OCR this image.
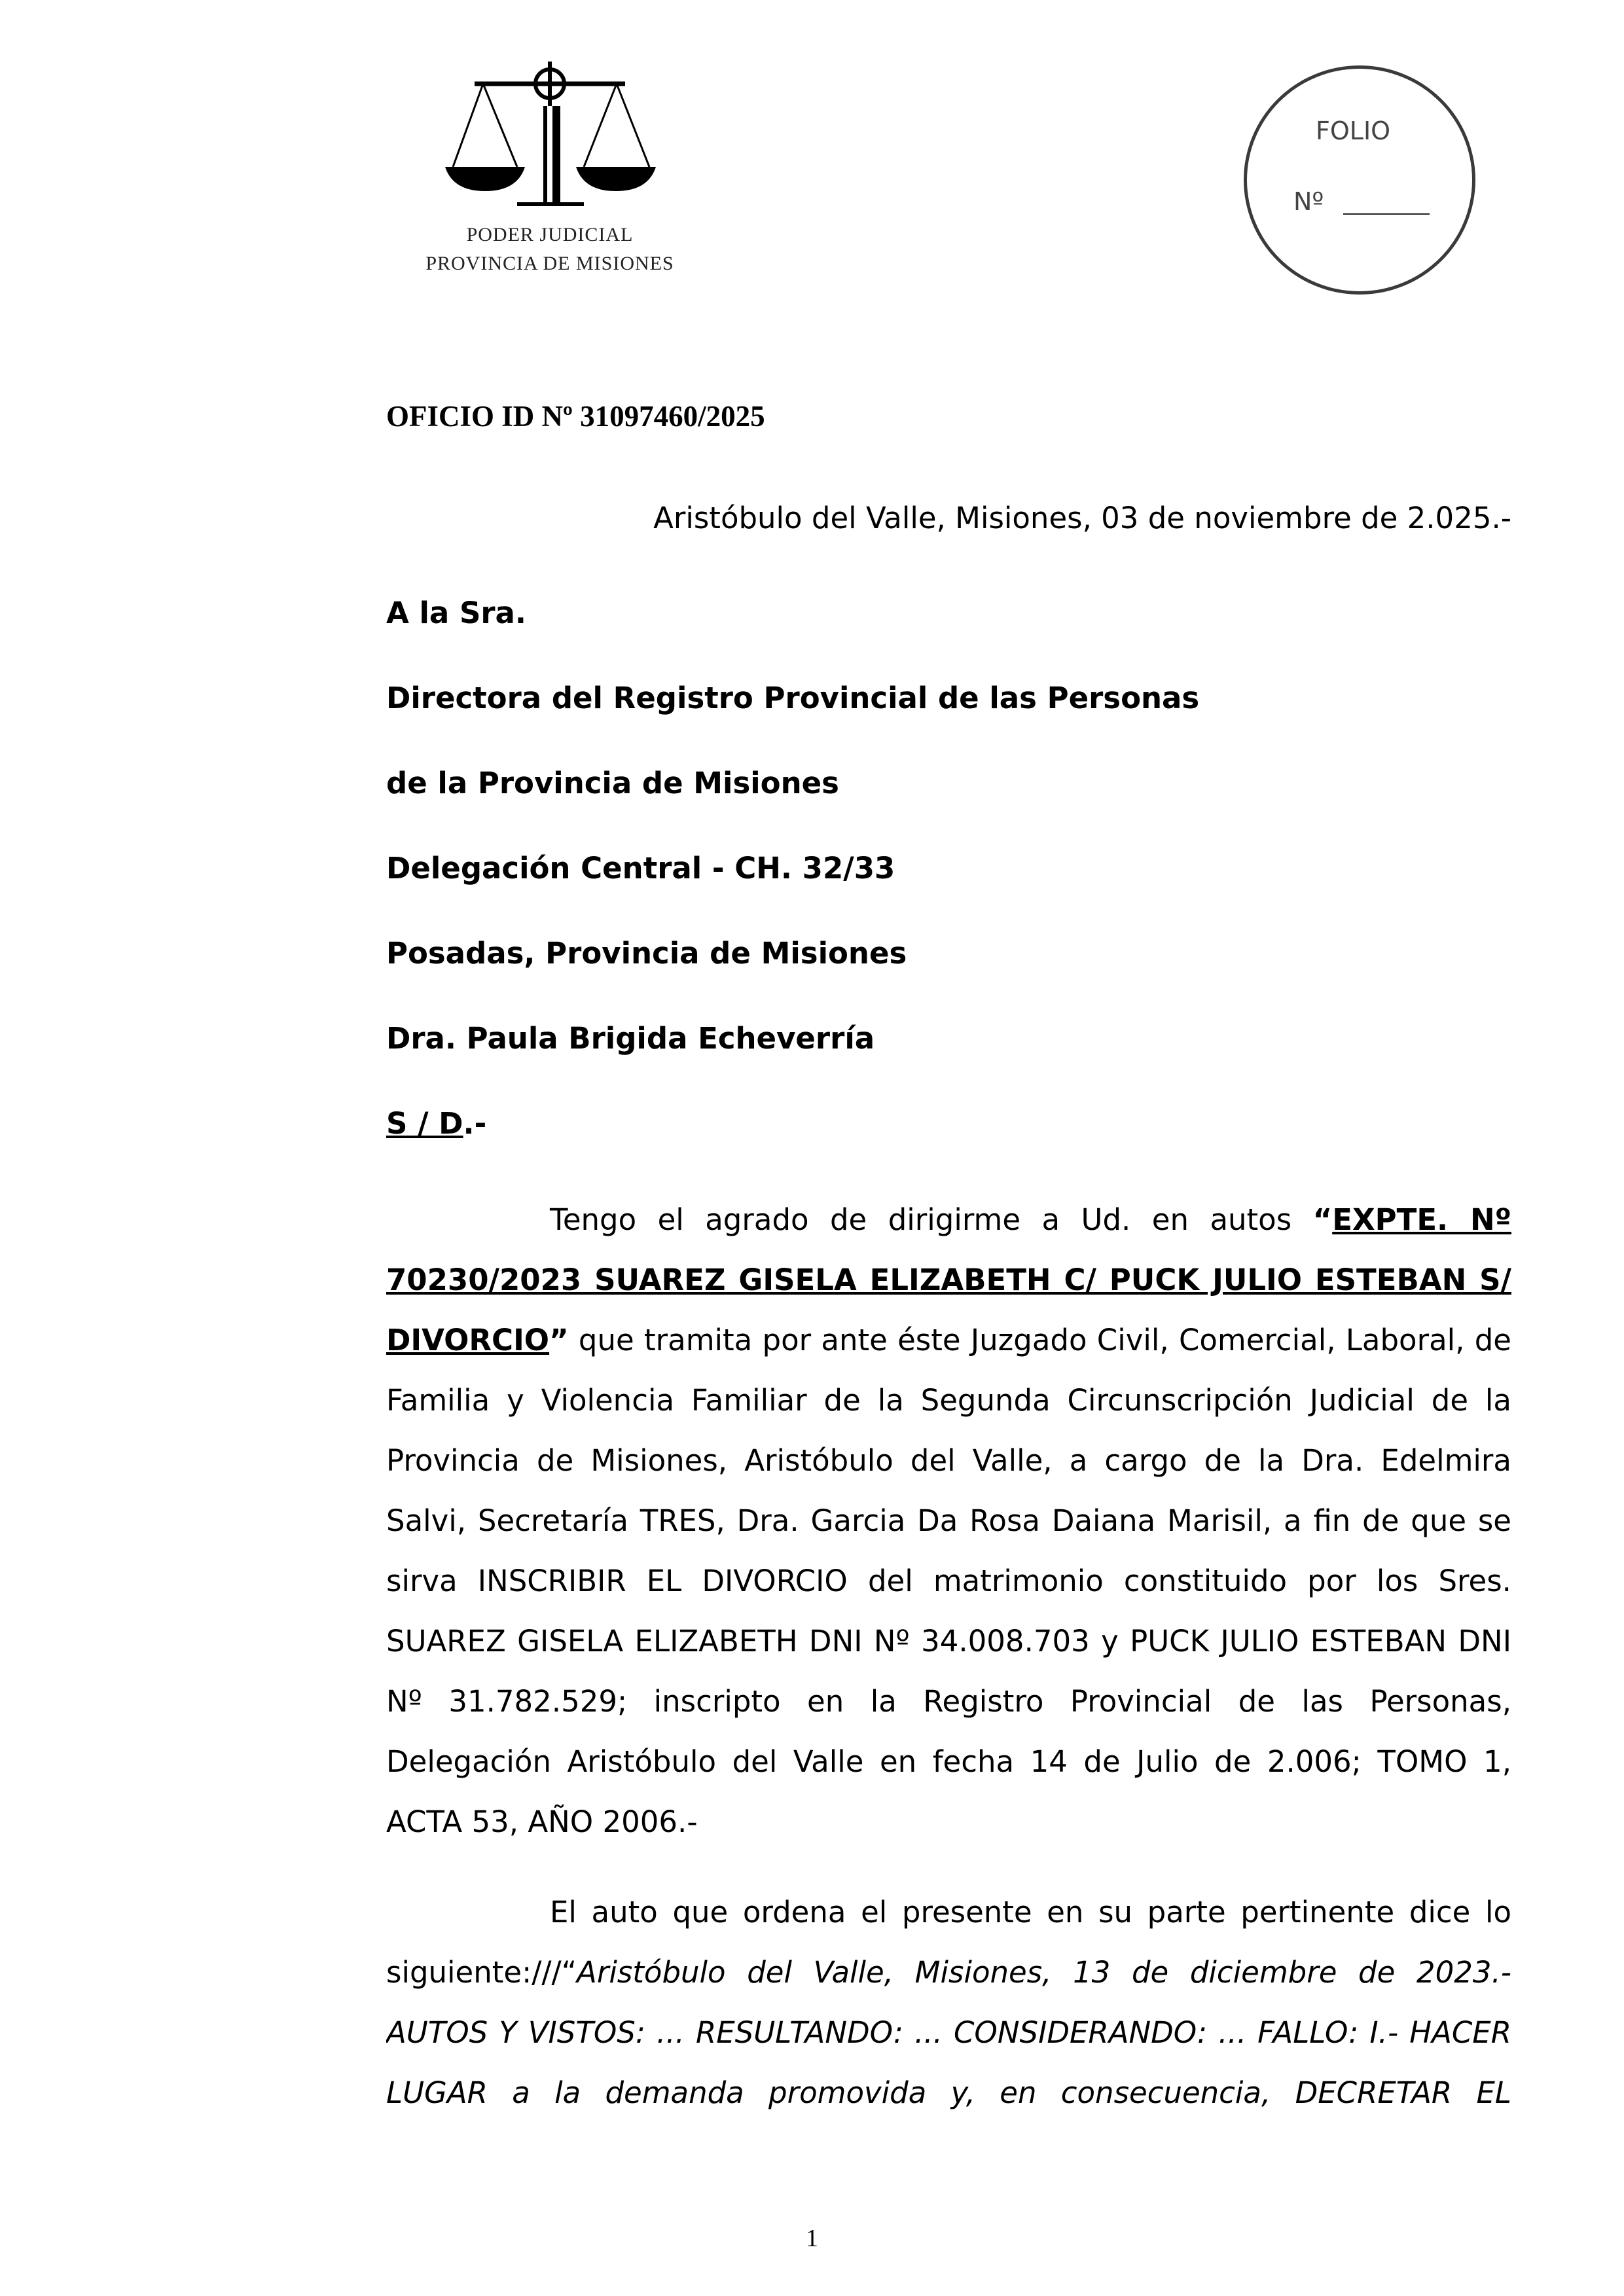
PODER JUDICIAL
PROVINCIA DE MISIONES
FOLIO
Nº
OFICIO ID Nº 31097460/2025
Aristóbulo del Valle, Misiones, 03 de noviembre de 2.025.-
A la Sra.
Directora del Registro Provincial de las Personas
de la Provincia de Misiones
Delegación Central - CH. 32/33
Posadas, Provincia de Misiones
Dra. Paula Brigida Echeverría
S / D.-
Tengo el agrado de dirigirme a Ud. en autos “EXPTE. Nº
70230/2023 SUAREZ GISELA ELIZABETH C/ PUCK JULIO ESTEBAN S/
DIVORCIO” que tramita por ante éste Juzgado Civil, Comercial, Laboral, de
Familia y Violencia Familiar de la Segunda Circunscripción Judicial de la
Provincia de Misiones, Aristóbulo del Valle, a cargo de la Dra. Edelmira
Salvi, Secretaría TRES, Dra. Garcia Da Rosa Daiana Marisil, a fin de que se
sirva INSCRIBIR EL DIVORCIO del matrimonio constituido por los Sres.
SUAREZ GISELA ELIZABETH DNI Nº 34.008.703 y PUCK JULIO ESTEBAN DNI
Nº 31.782.529; inscripto en la Registro Provincial de las Personas,
Delegación Aristóbulo del Valle en fecha 14 de Julio de 2.006; TOMO 1,
ACTA 53, AÑO 2006.-
El auto que ordena el presente en su parte pertinente dice lo
siguiente:///“Aristóbulo del Valle, Misiones, 13 de diciembre de 2023.-
AUTOS Y VISTOS: ... RESULTANDO: ... CONSIDERANDO: ... FALLO: I.- HACER
LUGAR a la demanda promovida y, en consecuencia, DECRETAR EL
1
